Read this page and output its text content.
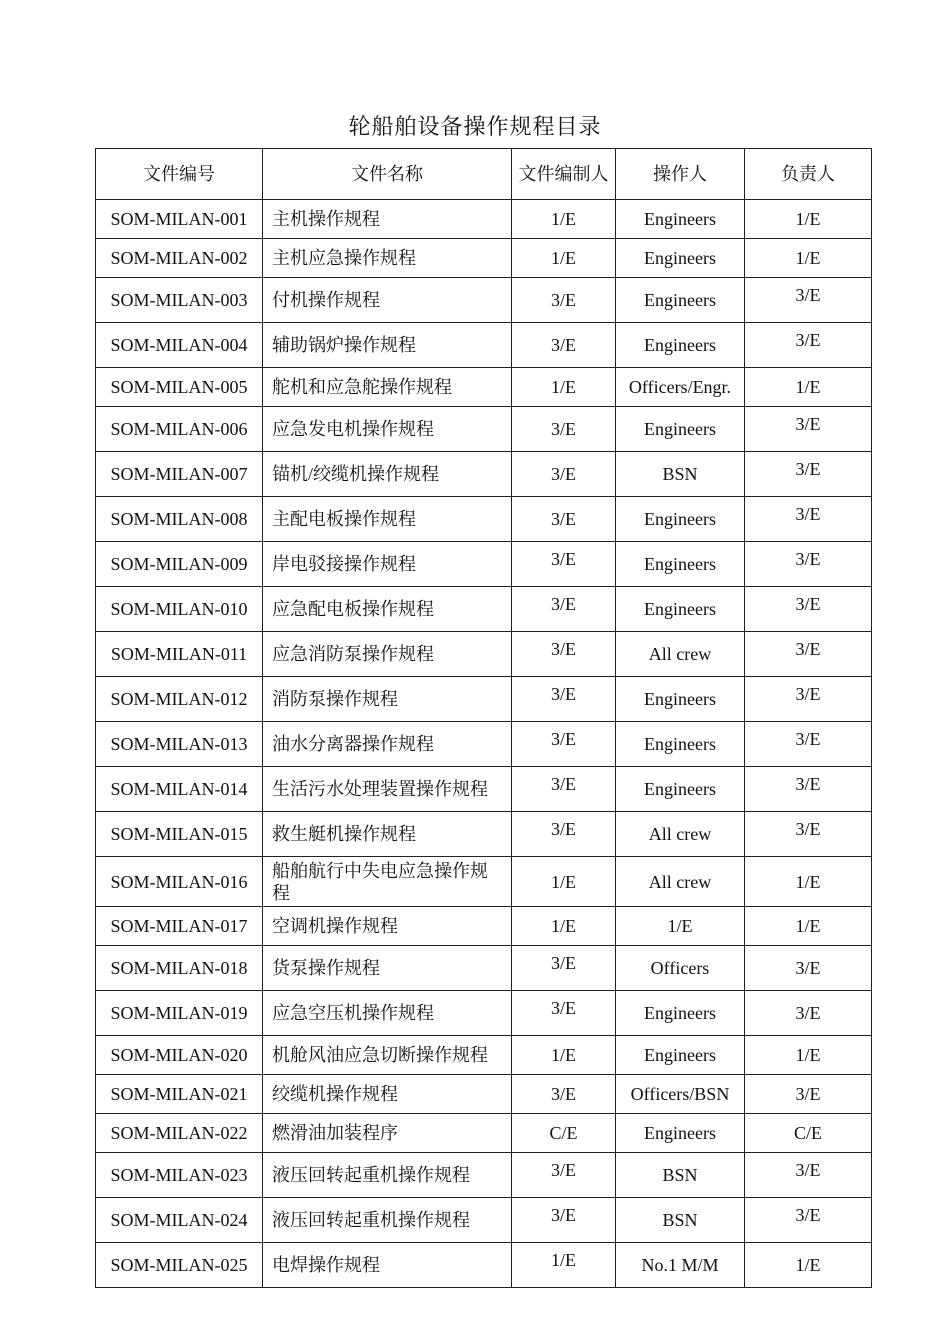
轮船舶设备操作规程目录
文件编号	文件名称	文件编制人	操作人	负责人
SOM-MILAN-001	主机操作规程	1/E	Engineers	1/E
SOM-MILAN-002	主机应急操作规程	1/E	Engineers	1/E
SOM-MILAN-003	付机操作规程	3/E	Engineers	3/E
SOM-MILAN-004	辅助锅炉操作规程	3/E	Engineers	3/E
SOM-MILAN-005	舵机和应急舵操作规程	1/E	Officers/Engr.	1/E
SOM-MILAN-006	应急发电机操作规程	3/E	Engineers	3/E
SOM-MILAN-007	锚机/绞缆机操作规程	3/E	BSN	3/E
SOM-MILAN-008	主配电板操作规程	3/E	Engineers	3/E
SOM-MILAN-009	岸电驳接操作规程	3/E	Engineers	3/E
SOM-MILAN-010	应急配电板操作规程	3/E	Engineers	3/E
SOM-MILAN-011	应急消防泵操作规程	3/E	All crew	3/E
SOM-MILAN-012	消防泵操作规程	3/E	Engineers	3/E
SOM-MILAN-013	油水分离器操作规程	3/E	Engineers	3/E
SOM-MILAN-014	生活污水处理装置操作规程	3/E	Engineers	3/E
SOM-MILAN-015	救生艇机操作规程	3/E	All crew	3/E
SOM-MILAN-016	船舶航行中失电应急操作规程	1/E	All crew	1/E
SOM-MILAN-017	空调机操作规程	1/E	1/E	1/E
SOM-MILAN-018	货泵操作规程	3/E	Officers	3/E
SOM-MILAN-019	应急空压机操作规程	3/E	Engineers	3/E
SOM-MILAN-020	机舱风油应急切断操作规程	1/E	Engineers	1/E
SOM-MILAN-021	绞缆机操作规程	3/E	Officers/BSN	3/E
SOM-MILAN-022	燃滑油加装程序	C/E	Engineers	C/E
SOM-MILAN-023	液压回转起重机操作规程	3/E	BSN	3/E
SOM-MILAN-024	液压回转起重机操作规程	3/E	BSN	3/E
SOM-MILAN-025	电焊操作规程	1/E	No.1 M/M	1/E
